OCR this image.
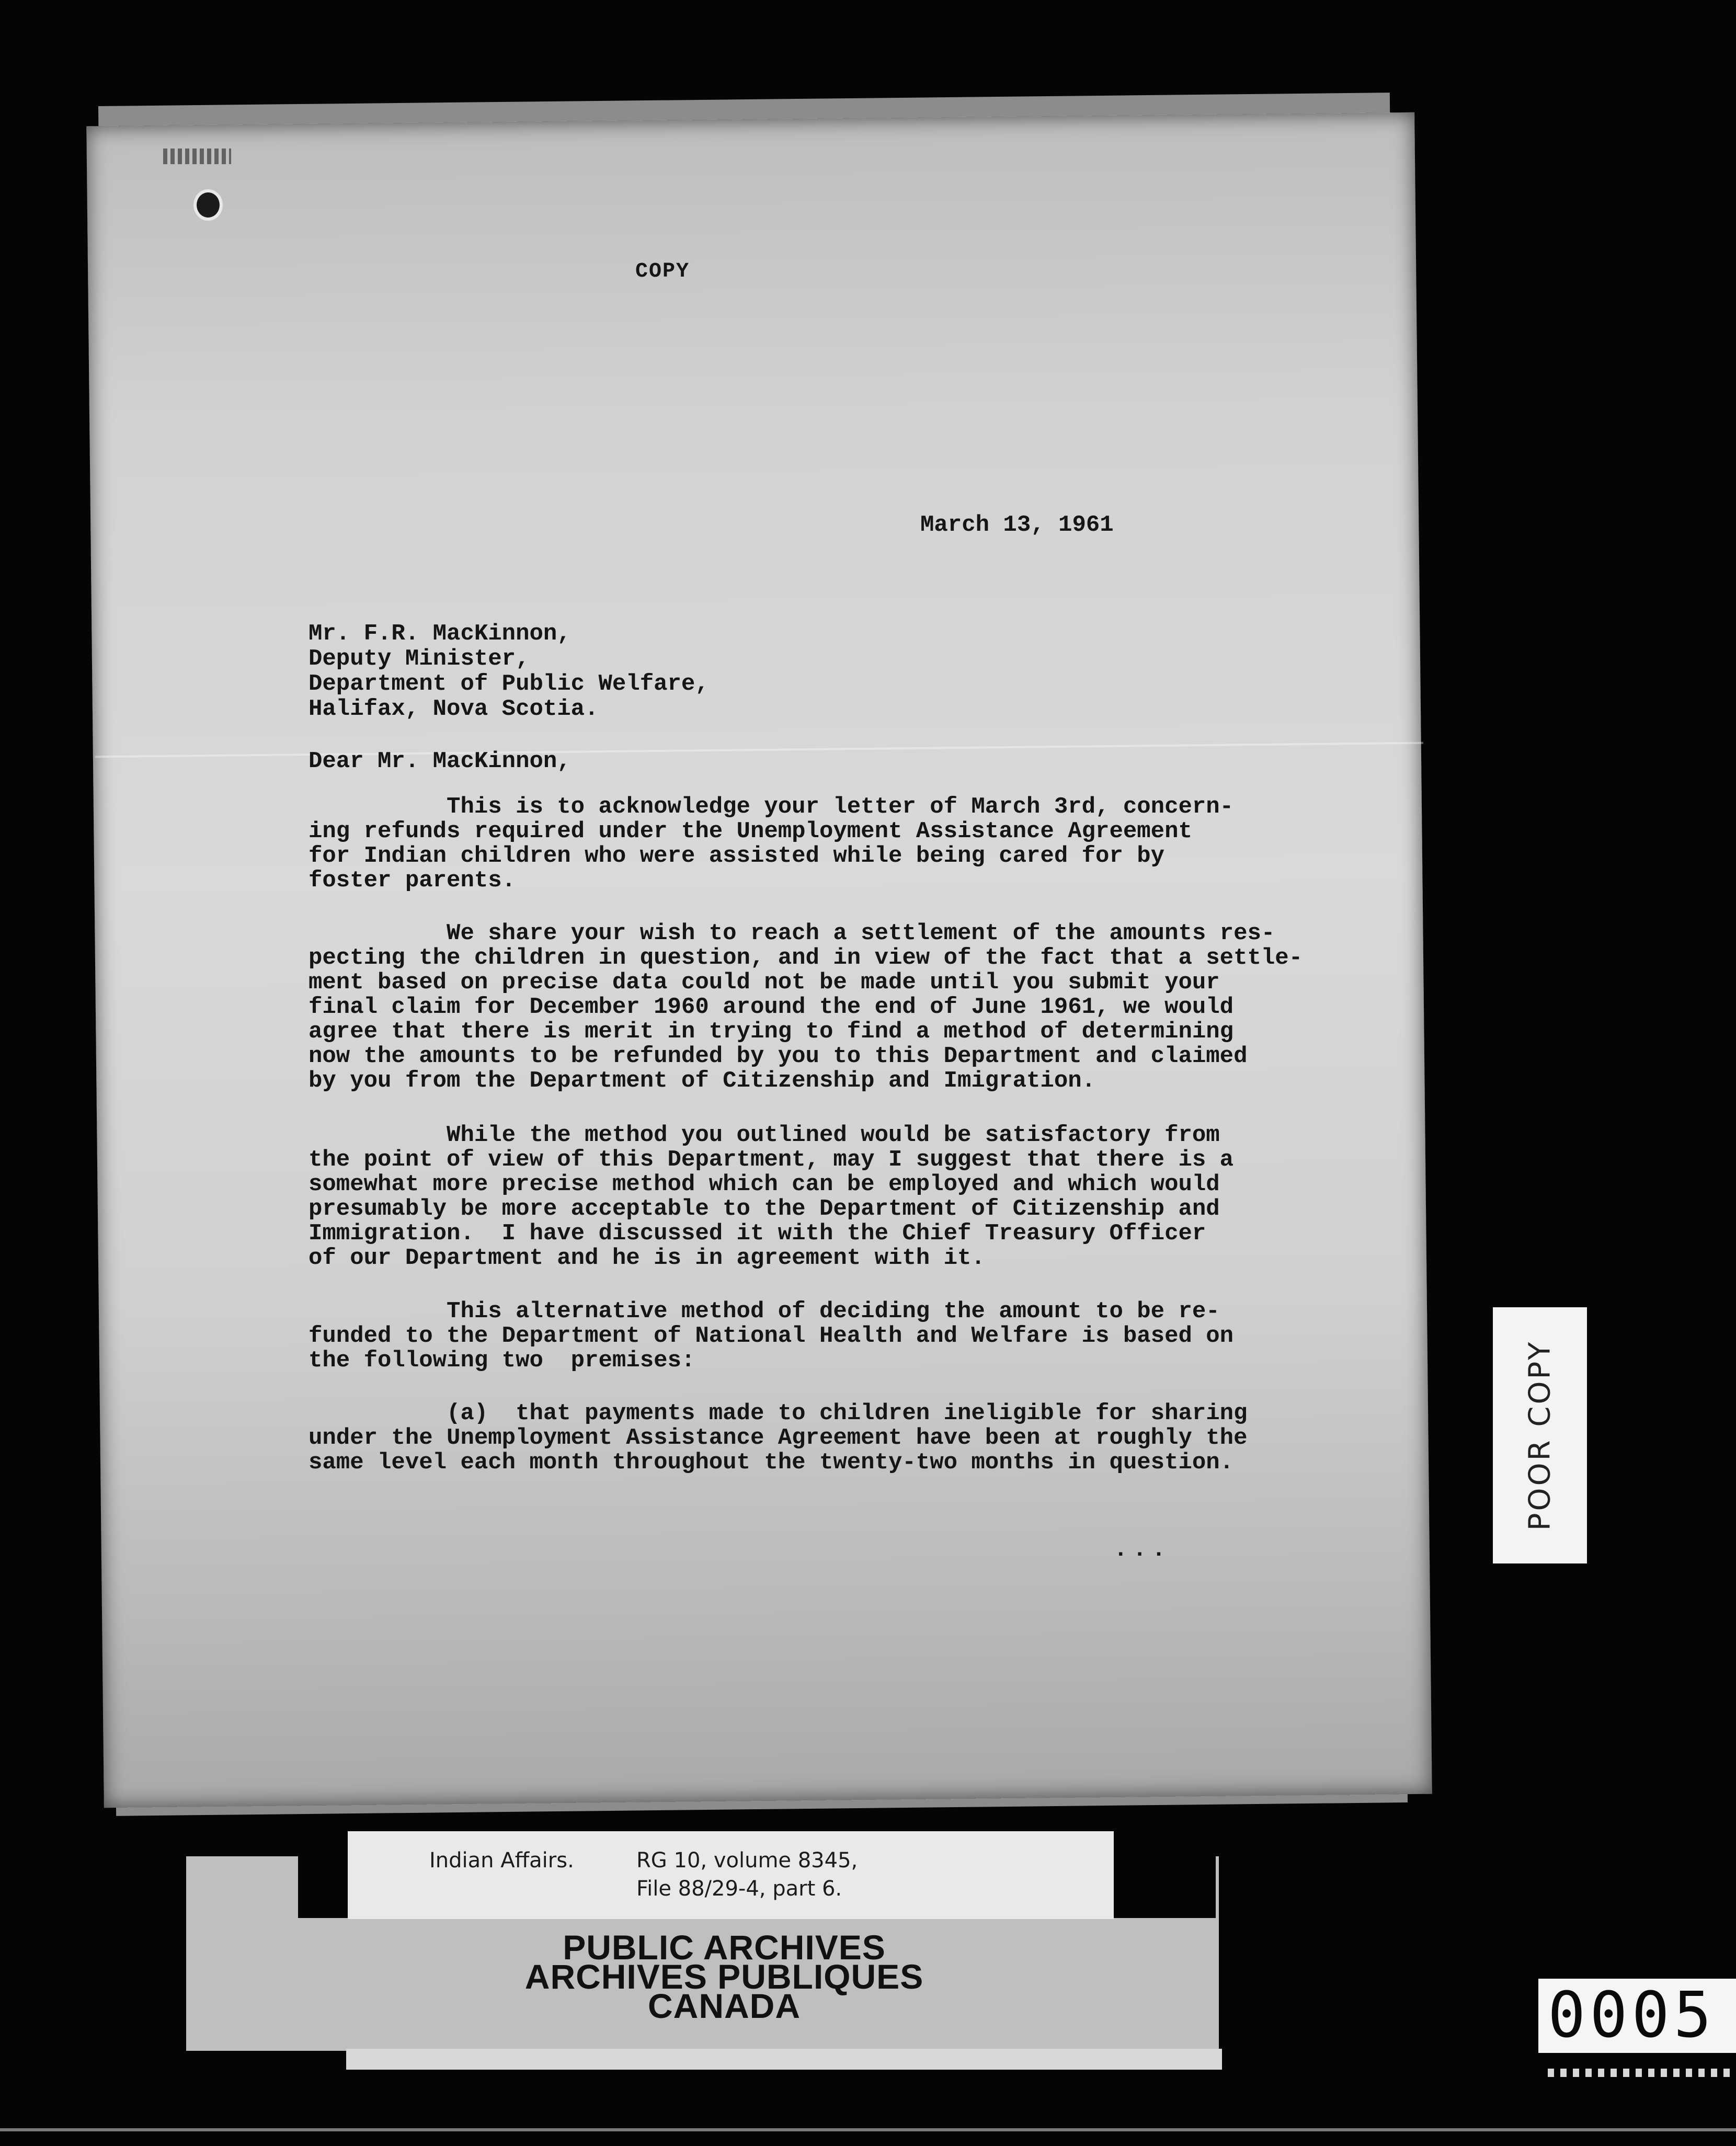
COPY
March 13, 1961
Mr. F.R. MacKinnon,
Deputy Minister,
Department of Public Welfare,
Halifax, Nova Scotia.
Dear Mr. MacKinnon,
This is to acknowledge your letter of March 3rd, concern-
ing refunds required under the Unemployment Assistance Agreement
for Indian children who were assisted while being cared for by
foster parents.
We share your wish to reach a settlement of the amounts res-
pecting the children in question, and in view of the fact that a settle-
ment based on precise data could not be made until you submit your
final claim for December 1960 around the end of June 1961, we would
agree that there is merit in trying to find a method of determining
now the amounts to be refunded by you to this Department and claimed
by you from the Department of Citizenship and Imigration.
While the method you outlined would be satisfactory from
the point of view of this Department, may I suggest that there is a
somewhat more precise method which can be employed and which would
presumably be more acceptable to the Department of Citizenship and
Immigration.  I have discussed it with the Chief Treasury Officer
of our Department and he is in agreement with it.
This alternative method of deciding the amount to be re-
funded to the Department of National Health and Welfare is based on
the following two  premises:
(a)  that payments made to children ineligible for sharing
under the Unemployment Assistance Agreement have been at roughly the
same level each month throughout the twenty-two months in question.
...
POOR COPY
Indian Affairs.	RG 10, volume 8345,
File 88/29-4, part 6.
PUBLIC ARCHIVES
ARCHIVES PUBLIQUES
CANADA	0005
